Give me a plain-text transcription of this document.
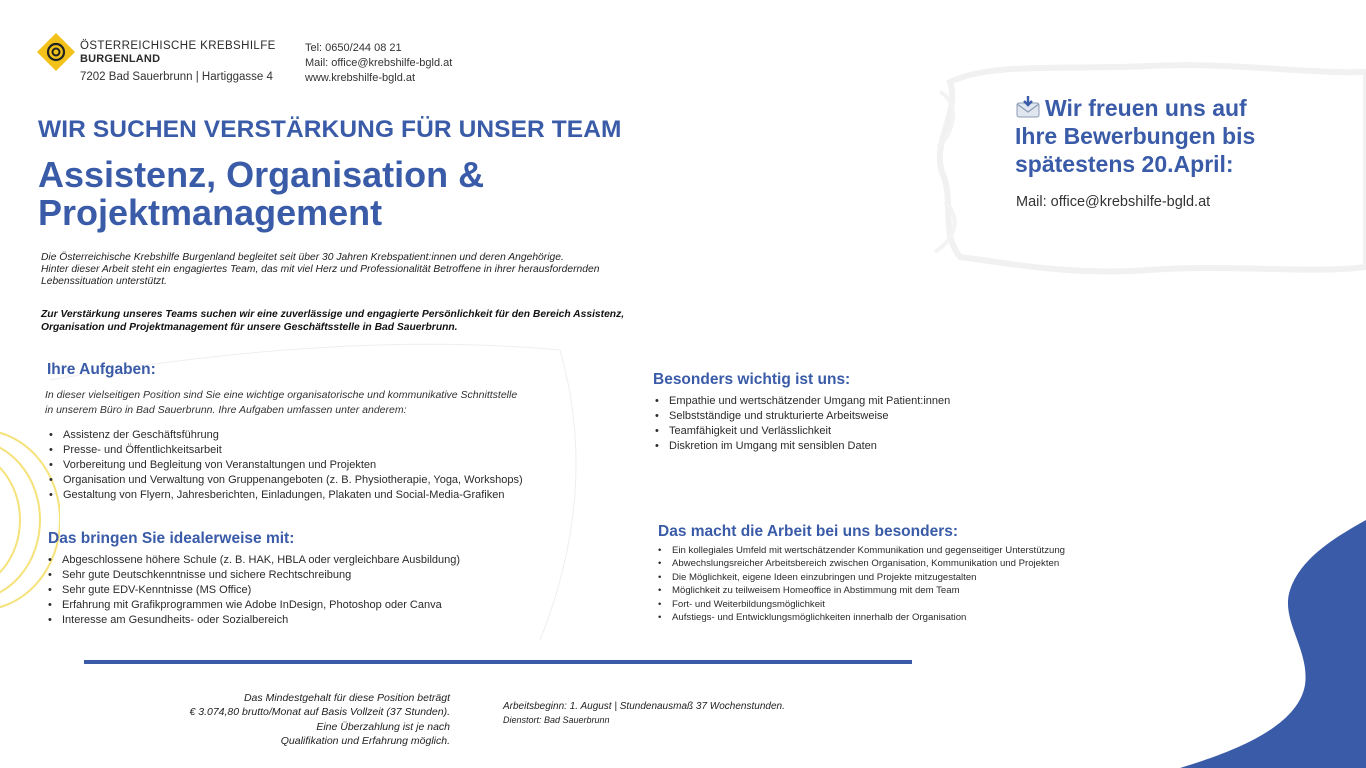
ÖSTERREICHISCHE KREBSHILFE
BURGENLAND
7202 Bad Sauerbrunn | Hartiggasse 4
Tel: 0650/244 08 21
Mail: office@krebshilfe-bgld.at
www.krebshilfe-bgld.at
WIR SUCHEN VERSTÄRKUNG FÜR UNSER TEAM
Assistenz, Organisation &
Projektmanagement
Die Österreichische Krebshilfe Burgenland begleitet seit über 30 Jahren Krebspatient:innen und deren Angehörige.
Hinter dieser Arbeit steht ein engagiertes Team, das mit viel Herz und Professionalität Betroffene in ihrer herausfordernden
Lebenssituation unterstützt.
Zur Verstärkung unseres Teams suchen wir eine zuverlässige und engagierte Persönlichkeit für den Bereich Assistenz,
Organisation und Projektmanagement für unsere Geschäftsstelle in Bad Sauerbrunn.
Ihre Aufgaben:
In dieser vielseitigen Position sind Sie eine wichtige organisatorische und kommunikative Schnittstelle
in unserem Büro in Bad Sauerbrunn. Ihre Aufgaben umfassen unter anderem:
• Assistenz der Geschäftsführung
• Presse- und Öffentlichkeitsarbeit
• Vorbereitung und Begleitung von Veranstaltungen und Projekten
• Organisation und Verwaltung von Gruppenangeboten (z. B. Physiotherapie, Yoga, Workshops)
• Gestaltung von Flyern, Jahresberichten, Einladungen, Plakaten und Social-Media-Grafiken
Das bringen Sie idealerweise mit:
• Abgeschlossene höhere Schule (z. B. HAK, HBLA oder vergleichbare Ausbildung)
• Sehr gute Deutschkenntnisse und sichere Rechtschreibung
• Sehr gute EDV-Kenntnisse (MS Office)
• Erfahrung mit Grafikprogrammen wie Adobe InDesign, Photoshop oder Canva
• Interesse am Gesundheits- oder Sozialbereich
Besonders wichtig ist uns:
• Empathie und wertschätzender Umgang mit Patient:innen
• Selbstständige und strukturierte Arbeitsweise
• Teamfähigkeit und Verlässlichkeit
• Diskretion im Umgang mit sensiblen Daten
Das macht die Arbeit bei uns besonders:
• Ein kollegiales Umfeld mit wertschätzender Kommunikation und gegenseitiger Unterstützung
• Abwechslungsreicher Arbeitsbereich zwischen Organisation, Kommunikation und Projekten
• Die Möglichkeit, eigene Ideen einzubringen und Projekte mitzugestalten
• Möglichkeit zu teilweisem Homeoffice in Abstimmung mit dem Team
• Fort- und Weiterbildungsmöglichkeit
• Aufstiegs- und Entwicklungsmöglichkeiten innerhalb der Organisation
Das Mindestgehalt für diese Position beträgt
€ 3.074,80 brutto/Monat auf Basis Vollzeit (37 Stunden).
Eine Überzahlung ist je nach
Qualifikation und Erfahrung möglich.
Arbeitsbeginn: 1. August | Stundenausmaß 37 Wochenstunden.
Dienstort: Bad Sauerbrunn
Wir freuen uns auf
Ihre Bewerbungen bis
spätestens 20.April:
Mail: office@krebshilfe-bgld.at
